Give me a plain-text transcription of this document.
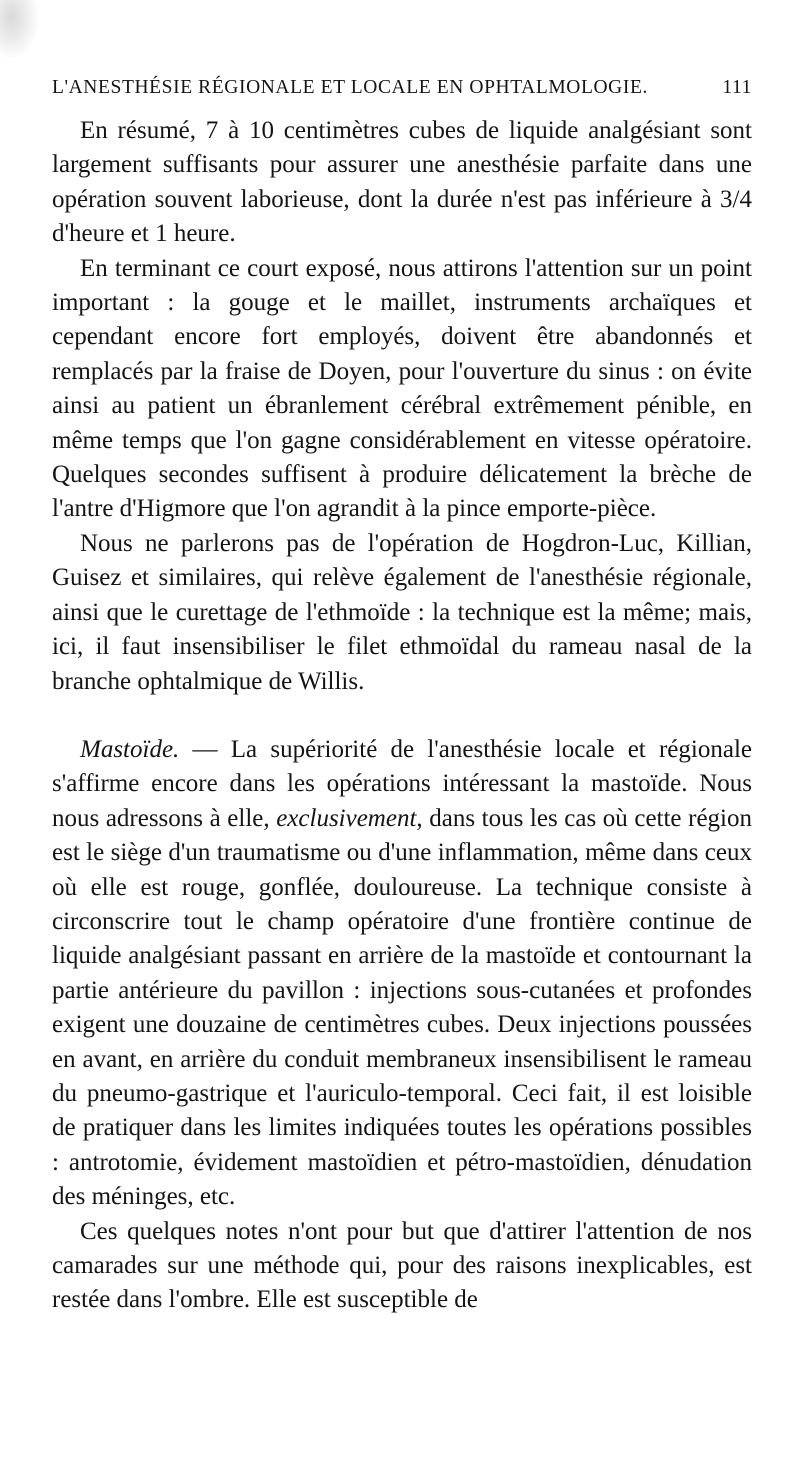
L'ANESTHÉSIE RÉGIONALE ET LOCALE EN OPHTALMOLOGIE.	111

En résumé, 7 à 10 centimètres cubes de liquide analgésiant sont largement suffisants pour assurer une anesthésie parfaite dans une opération souvent laborieuse, dont la durée n'est pas inférieure à 3/4 d'heure et 1 heure.

En terminant ce court exposé, nous attirons l'attention sur un point important : la gouge et le maillet, instruments archaïques et cependant encore fort employés, doivent être abandonnés et remplacés par la fraise de Doyen, pour l'ouverture du sinus : on évite ainsi au patient un ébranlement cérébral extrêmement pénible, en même temps que l'on gagne considérablement en vitesse opératoire. Quelques secondes suffisent à produire délicatement la brèche de l'antre d'Higmore que l'on agrandit à la pince emporte-pièce.

Nous ne parlerons pas de l'opération de Hogdron-Luc, Killian, Guisez et similaires, qui relève également de l'anesthésie régionale, ainsi que le curettage de l'ethmoïde : la technique est la même; mais, ici, il faut insensibiliser le filet ethmoïdal du rameau nasal de la branche ophtalmique de Willis.

Mastoïde. — La supériorité de l'anesthésie locale et régionale s'affirme encore dans les opérations intéressant la mastoïde. Nous nous adressons à elle, exclusivement, dans tous les cas où cette région est le siège d'un traumatisme ou d'une inflammation, même dans ceux où elle est rouge, gonflée, douloureuse. La technique consiste à circonscrire tout le champ opératoire d'une frontière continue de liquide analgésiant passant en arrière de la mastoïde et contournant la partie antérieure du pavillon : injections sous-cutanées et profondes exigent une douzaine de centimètres cubes. Deux injections poussées en avant, en arrière du conduit membraneux insensibilisent le rameau du pneumo-gastrique et l'auriculo-temporal. Ceci fait, il est loisible de pratiquer dans les limites indiquées toutes les opérations possibles : antrotomie, évidement mastoïdien et pétro-mastoïdien, dénudation des méninges, etc.

Ces quelques notes n'ont pour but que d'attirer l'attention de nos camarades sur une méthode qui, pour des raisons inexplicables, est restée dans l'ombre. Elle est susceptible de
